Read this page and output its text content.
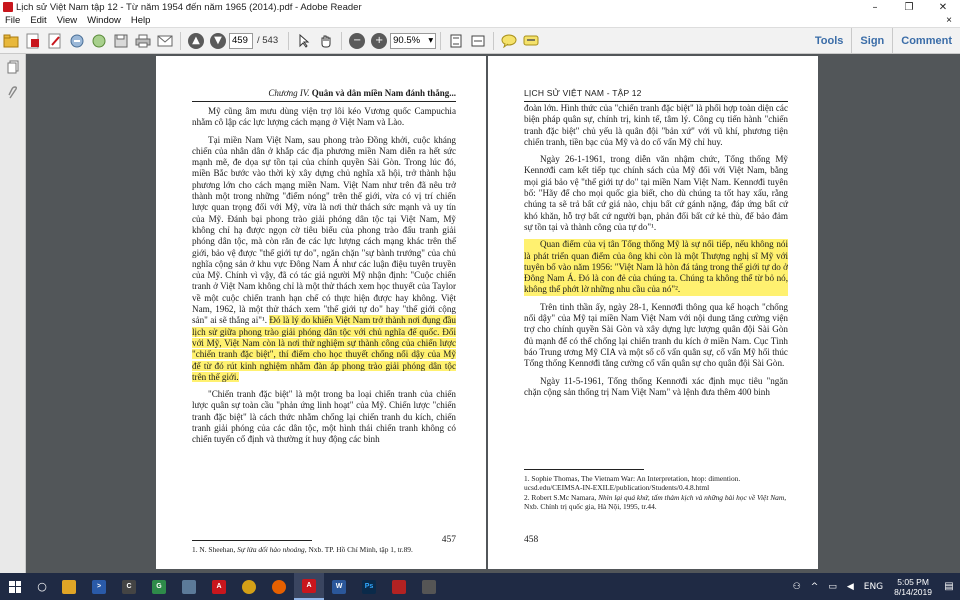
Lịch sử Việt Nam tập 12 - Từ năm 1954 đến năm 1965 (2014).pdf - Adobe Reader	–	❐	✕
File	Edit	View	Window	Help	×
▲	▼
459	/ 543	−	+	90.5% ▾	Tools	Sign	Comment
Chương IV. Quân và dân miền Nam đánh thắng...

Mỹ cũng âm mưu dùng viện trợ lôi kéo Vương quốc Campuchia nhằm cô lập các lực lượng cách mạng ở Việt Nam và Lào.

Tại miền Nam Việt Nam, sau phong trào Đồng khởi, cuộc kháng chiến của nhân dân ở khắp các địa phương miền Nam diễn ra hết sức mạnh mẽ, đe dọa sự tồn tại của chính quyền Sài Gòn. Trong lúc đó, miền Bắc bước vào thời kỳ xây dựng chủ nghĩa xã hội, trở thành hậu phương lớn cho cách mạng miền Nam. Việt Nam như trên đã nêu trở thành một trong những "điểm nóng" trên thế giới, vừa có vị trí chiến lược quan trọng đối với Mỹ, vừa là nơi thử thách sức mạnh và uy tín của Mỹ. Đánh bại phong trào giải phóng dân tộc tại Việt Nam, Mỹ không chỉ hạ được ngọn cờ tiêu biểu của phong trào đấu tranh giải phóng dân tộc, mà còn răn đe các lực lượng cách mạng khác trên thế giới, bảo vệ được "thế giới tự do", ngăn chặn "sự bành trướng" của chủ nghĩa cộng sản ở khu vực Đông Nam Á như các luận điệu tuyên truyền của Mỹ. Chính vì vậy, đã có tác giả người Mỹ nhận định: "Cuộc chiến tranh ở Việt Nam không chỉ là một thử thách xem học thuyết của Taylor về một cuộc chiến tranh hạn chế có thực hiện được hay không. Việt Nam, 1962, là một thử thách xem "thế giới tự do" hay "thế giới cộng sản" ai sẽ thắng ai"¹. Đó là lý do khiến Việt Nam trở thành nơi đụng đầu lịch sử giữa phong trào giải phóng dân tộc với chủ nghĩa đế quốc. Đối với Mỹ, Việt Nam còn là nơi thử nghiệm sự thành công của chiến lược "chiến tranh đặc biệt", thí điểm cho học thuyết chống nổi dậy của Mỹ để từ đó rút kinh nghiệm nhằm đàn áp phong trào giải phóng dân tộc trên thế giới.

"Chiến tranh đặc biệt" là một trong ba loại chiến tranh của chiến lược quân sự toàn cầu "phản ứng linh hoạt" của Mỹ. Chiến lược "chiến tranh đặc biệt" là cách thức nhằm chống lại chiến tranh du kích, chiến tranh giải phóng của các dân tộc, một hình thái chiến tranh không có chiến tuyến cố định và thường ít huy động các binh

1. N. Sheehan, Sự lừa dối hào nhoáng, Nxb. TP. Hồ Chí Minh, tập 1, tr.89.
457
LỊCH SỬ VIỆT NAM - TẬP 12

đoàn lớn. Hình thức của "chiến tranh đặc biệt" là phối hợp toàn diện các biện pháp quân sự, chính trị, kinh tế, tâm lý. Công cụ tiến hành "chiến tranh đặc biệt" chủ yếu là quân đội "bản xứ" với vũ khí, phương tiện chiến tranh, tiền bạc của Mỹ và do cố vấn Mỹ chỉ huy.

Ngày 26-1-1961, trong diễn văn nhậm chức, Tổng thống Mỹ Kennơđi cam kết tiếp tục chính sách của Mỹ đối với Việt Nam, bằng mọi giá bảo vệ "thế giới tự do" tại miền Nam Việt Nam. Kennơđi tuyên bố: "Hãy để cho mọi quốc gia biết, cho dù chúng ta tốt hay xấu, rằng chúng ta sẽ trả bất cứ giá nào, chịu bất cứ gánh nặng, đáp ứng bất cứ khó khăn, hỗ trợ bất cứ người bạn, phản đối bất cứ kẻ thù, để bảo đảm sự tồn tại và thành công của tự do"¹.

Quan điểm của vị tân Tổng thống Mỹ là sự nối tiếp, nếu không nói là phát triển quan điểm của ông khi còn là một Thượng nghị sĩ Mỹ với tuyên bố vào năm 1956: "Việt Nam là hòn đá tảng trong thế giới tự do ở Đông Nam Á. Đó là con đẻ của chúng ta. Chúng ta không thể từ bỏ nó, không thể phớt lờ những nhu cầu của nó"².

Trên tinh thần ấy, ngày 28-1, Kennơđi thông qua kế hoạch "chống nổi dậy" của Mỹ tại miền Nam Việt Nam với nội dung tăng cường viện trợ cho chính quyền Sài Gòn và xây dựng lực lượng quân đội Sài Gòn đủ mạnh để có thể chống lại chiến tranh du kích ở miền Nam. Cục Tình báo Trung ương Mỹ CIA và một số cố vấn quân sự, cố vấn Mỹ hối thúc Tổng thống Kennơđi tăng cường cố vấn quân sự cho quân đội Sài Gòn.

Ngày 11-5-1961, Tổng thống Kennơđi xác định mục tiêu "ngăn chặn cộng sản thống trị Nam Việt Nam" và lệnh đưa thêm 400 binh

1. Sophie Thomas, The Vietnam War: An Interpretation, htop: dimention. ucsd.edu/CEIMSA-IN-EXILE/publication/Students/0.4.8.html
2. Robert S.Mc Namara, Nhìn lại quá khứ, tấm thảm kịch và những bài học về Việt Nam, Nxb. Chính trị quốc gia, Hà Nội, 1995, tr.44.
458
○	>	C	G	A	A	W	Ps	⚇	^	▭	◀	ENG	5:05 PM
8/14/2019	▤
